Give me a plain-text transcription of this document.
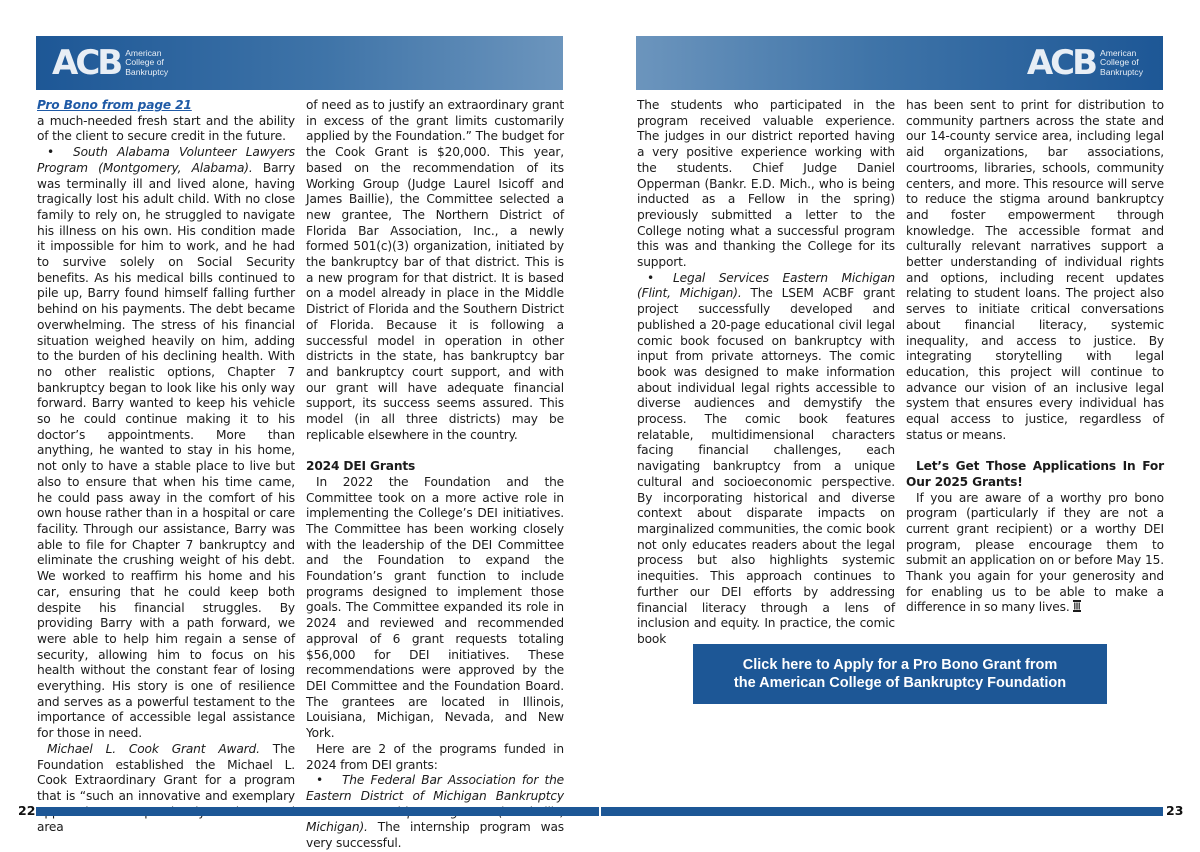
ACB American
College of
Bankruptcy	ACB American
College of
Bankruptcy

Pro Bono from page 21

a much-needed fresh start and the ability of the client to secure credit in the future.

• South Alabama Volunteer Lawyers Program (Montgomery, Alabama). Barry was terminally ill and lived alone, having tragically lost his adult child. With no close family to rely on, he struggled to navigate his illness on his own. His condition made it impossible for him to work, and he had to survive solely on Social Security benefits. As his medical bills continued to pile up, Barry found himself falling further behind on his payments. The debt became overwhelming. The stress of his financial situation weighed heavily on him, adding to the burden of his declining health. With no other realistic options, Chapter 7 bankruptcy began to look like his only way forward. Barry wanted to keep his vehicle so he could continue making it to his doctor’s appointments. More than anything, he wanted to stay in his home, not only to have a stable place to live but also to ensure that when his time came, he could pass away in the comfort of his own house rather than in a hospital or care facility. Through our assistance, Barry was able to file for Chapter 7 bankruptcy and eliminate the crushing weight of his debt. We worked to reaffirm his home and his car, ensuring that he could keep both despite his financial struggles. By providing Barry with a path forward, we were able to help him regain a sense of security, allowing him to focus on his health without the constant fear of losing everything. His story is one of resilience and serves as a powerful testament to the importance of accessible legal assistance for those in need.

Michael L. Cook Grant Award. The Foundation established the Michael L. Cook Extraordinary Grant for a program that is “such an innovative and exemplary area

of need as to justify an extraordinary grant in excess of the grant limits customarily applied by the Foundation.” The budget for the Cook Grant is $20,000. This year, based on the recommendation of its Working Group (Judge Laurel Isicoff and James Baillie), the Committee selected a new grantee, The Northern District of Florida Bar Association, Inc., a newly formed 501(c)(3) organization, initiated by the bankruptcy bar of that district. This is a new program for that district. It is based on a model already in place in the Middle District of Florida and the Southern District of Florida. Because it is following a successful model in operation in other districts in the state, has bankruptcy bar and bankruptcy court support, and with our grant will have adequate financial support, its success seems assured. This model (in all three districts) may be replicable elsewhere in the country.

2024 DEI Grants

In 2022 the Foundation and the Committee took on a more active role in implementing the College’s DEI initiatives. The Committee has been working closely with the leadership of the DEI Committee and the Foundation to expand the Foundation’s grant function to include programs designed to implement those goals. The Committee expanded its role in 2024 and reviewed and recommended approval of 6 grant requests totaling $56,000 for DEI initiatives. These recommendations were approved by the DEI Committee and the Foundation Board. The grantees are located in Illinois, Louisiana, Michigan, Nevada, and New York.

Here are 2 of the programs funded in 2024 from DEI grants:

• The Federal Bar Association for the Eastern District of Michigan Bankruptcy Michigan). The internship program was very successful.

The students who participated in the program received valuable experience. The judges in our district reported having a very positive experience working with the students. Chief Judge Daniel Opperman (Bankr. E.D. Mich., who is being inducted as a Fellow in the spring) previously submitted a letter to the College noting what a successful program this was and thanking the College for its support.

• Legal Services Eastern Michigan (Flint, Michigan). The LSEM ACBF grant project successfully developed and published a 20-page educational civil legal comic book focused on bankruptcy with input from private attorneys. The comic book was designed to make information about individual legal rights accessible to diverse audiences and demystify the process. The comic book features relatable, multidimensional characters facing financial challenges, each navigating bankruptcy from a unique cultural and socioeconomic perspective. By incorporating historical and diverse context about disparate impacts on marginalized communities, the comic book not only educates readers about the legal process but also highlights systemic inequities. This approach continues to further our DEI efforts by addressing financial literacy through a lens of inclusion and equity. In practice, the comic book

has been sent to print for distribution to community partners across the state and our 14-county service area, including legal aid organizations, bar associations, courtrooms, libraries, schools, community centers, and more. This resource will serve to reduce the stigma around bankruptcy and foster empowerment through knowledge. The accessible format and culturally relevant narratives support a better understanding of individual rights and options, including recent updates relating to student loans. The project also serves to initiate critical conversations about financial literacy, systemic inequality, and access to justice. By integrating storytelling with legal education, this project will continue to advance our vision of an inclusive legal system that ensures every individual has equal access to justice, regardless of status or means.

Let’s Get Those Applications In For Our 2025 Grants!

If you are aware of a worthy pro bono program (particularly if they are not a current grant recipient) or a worthy DEI program, please encourage them to submit an application on or before May 15. Thank you again for your generosity and for enabling us to be able to make a difference in so many lives.

Click here to Apply for a Pro Bono Grant from
the American College of Bankruptcy Foundation
22	23
